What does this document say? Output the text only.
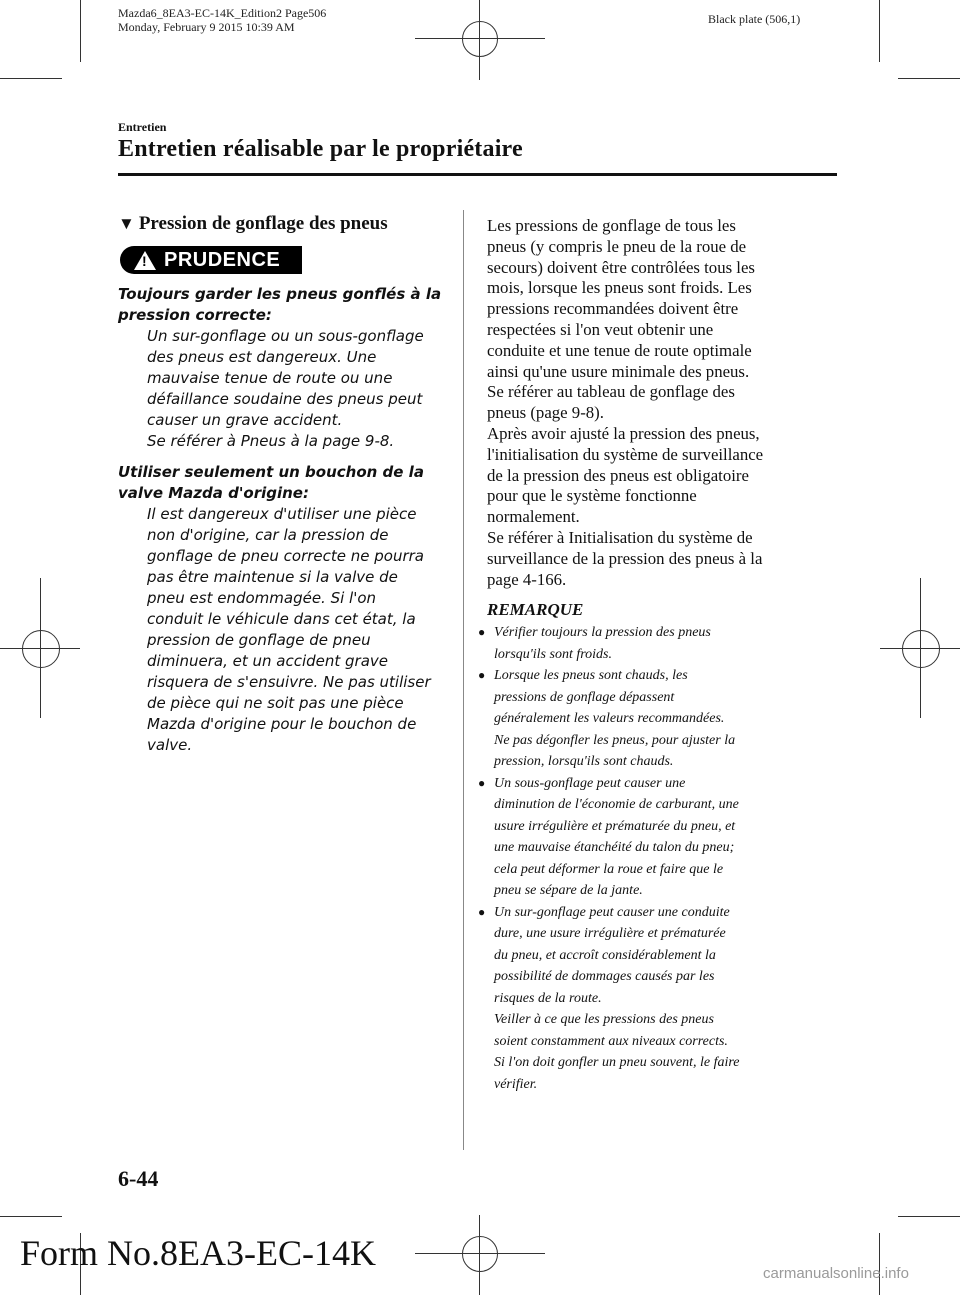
Mazda6_8EA3-EC-14K_Edition2 Page506
Monday, February 9 2015 10:39 AM
Black plate (506,1)
Entretien
Entretien réalisable par le propriétaire
▼ Pression de gonflage des pneus
!
PRUDENCE
Toujours garder les pneus gonflés à la
pression correcte:
Un sur-gonflage ou un sous-gonflage
des pneus est dangereux. Une
mauvaise tenue de route ou une
défaillance soudaine des pneus peut
causer un grave accident.
Se référer à Pneus à la page 9-8.
Utiliser seulement un bouchon de la
valve Mazda d'origine:
Il est dangereux d'utiliser une pièce
non d'origine, car la pression de
gonflage de pneu correcte ne pourra
pas être maintenue si la valve de
pneu est endommagée. Si l'on
conduit le véhicule dans cet état, la
pression de gonflage de pneu
diminuera, et un accident grave
risquera de s'ensuivre. Ne pas utiliser
de pièce qui ne soit pas une pièce
Mazda d'origine pour le bouchon de
valve.
Les pressions de gonflage de tous les
pneus (y compris le pneu de la roue de
secours) doivent être contrôlées tous les
mois, lorsque les pneus sont froids. Les
pressions recommandées doivent être
respectées si l'on veut obtenir une
conduite et une tenue de route optimale
ainsi qu'une usure minimale des pneus.
Se référer au tableau de gonflage des
pneus (page 9-8).
Après avoir ajusté la pression des pneus,
l'initialisation du système de surveillance
de la pression des pneus est obligatoire
pour que le système fonctionne
normalement.
Se référer à Initialisation du système de
surveillance de la pression des pneus à la
page 4-166.
REMARQUE
● Vérifier toujours la pression des pneus
lorsqu'ils sont froids.
● Lorsque les pneus sont chauds, les
pressions de gonflage dépassent
généralement les valeurs recommandées.
Ne pas dégonfler les pneus, pour ajuster la
pression, lorsqu'ils sont chauds.
● Un sous-gonflage peut causer une
diminution de l'économie de carburant, une
usure irrégulière et prématurée du pneu, et
une mauvaise étanchéité du talon du pneu;
cela peut déformer la roue et faire que le
pneu se sépare de la jante.
● Un sur-gonflage peut causer une conduite
dure, une usure irrégulière et prématurée
du pneu, et accroît considérablement la
possibilité de dommages causés par les
risques de la route.
Veiller à ce que les pressions des pneus
soient constamment aux niveaux corrects.
Si l'on doit gonfler un pneu souvent, le faire
vérifier.
6-44
Form No.8EA3-EC-14K
carmanualsonline.info
